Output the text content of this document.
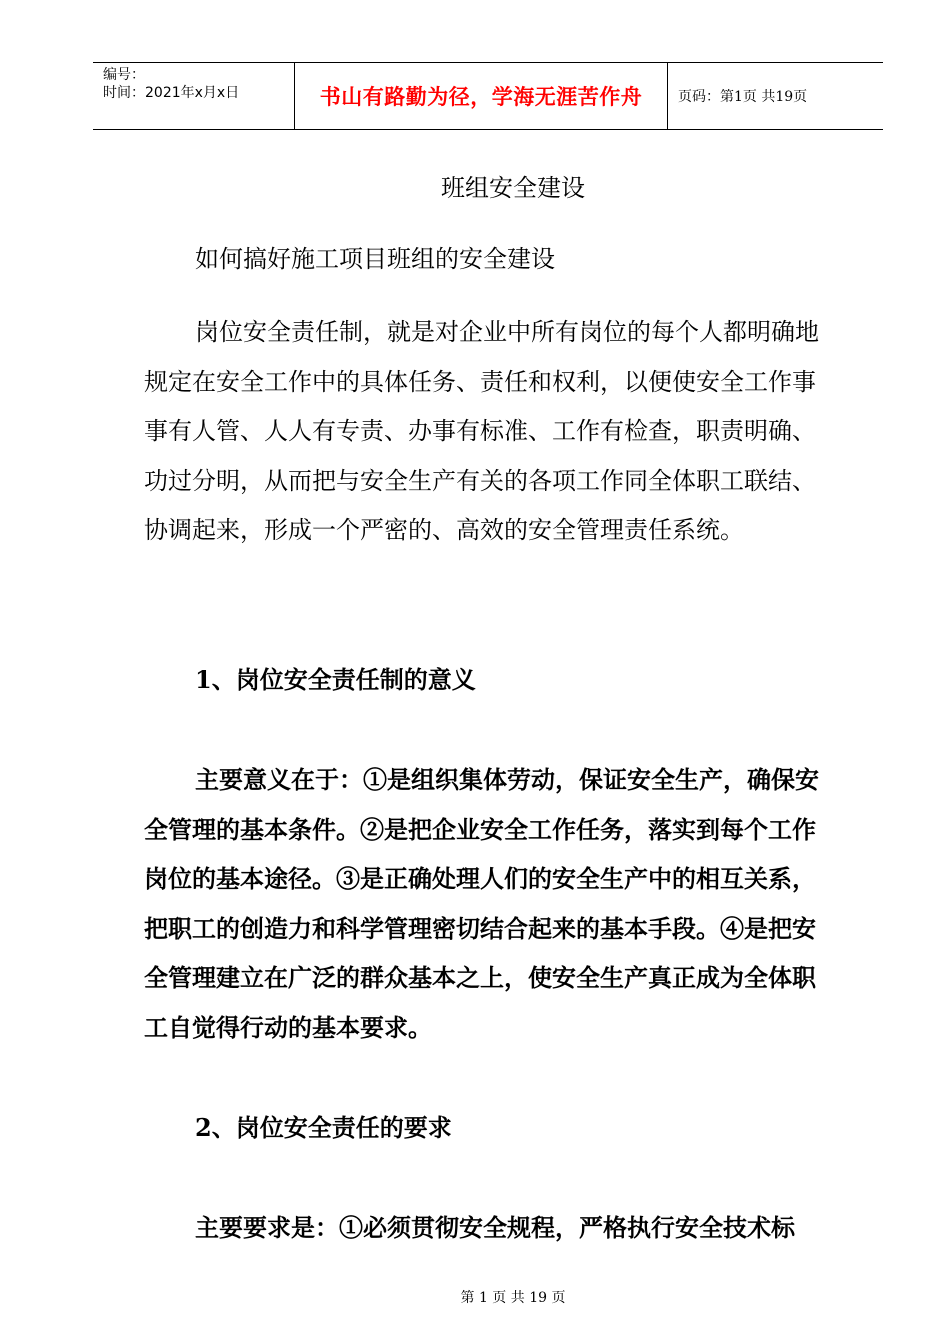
编号：
时间：2021年x月x日	书山有路勤为径，学海无涯苦作舟	页码：第1页 共19页
班组安全建设

如何搞好施工项目班组的安全建设

岗位安全责任制，就是对企业中所有岗位的每个人都明确地规定在安全工作中的具体任务、责任和权利，以便使安全工作事事有人管、人人有专责、办事有标准、工作有检查，职责明确、功过分明，从而把与安全生产有关的各项工作同全体职工联结、协调起来，形成一个严密的、高效的安全管理责任系统。

1、岗位安全责任制的意义

主要意义在于：①是组织集体劳动，保证安全生产，确保安全管理的基本条件。②是把企业安全工作任务，落实到每个工作岗位的基本途径。③是正确处理人们的安全生产中的相互关系，把职工的创造力和科学管理密切结合起来的基本手段。④是把安全管理建立在广泛的群众基本之上，使安全生产真正成为全体职工自觉得行动的基本要求。

2、岗位安全责任的要求

主要要求是：①必须贯彻安全规程，严格执行安全技术标

第 1 页 共 19 页
